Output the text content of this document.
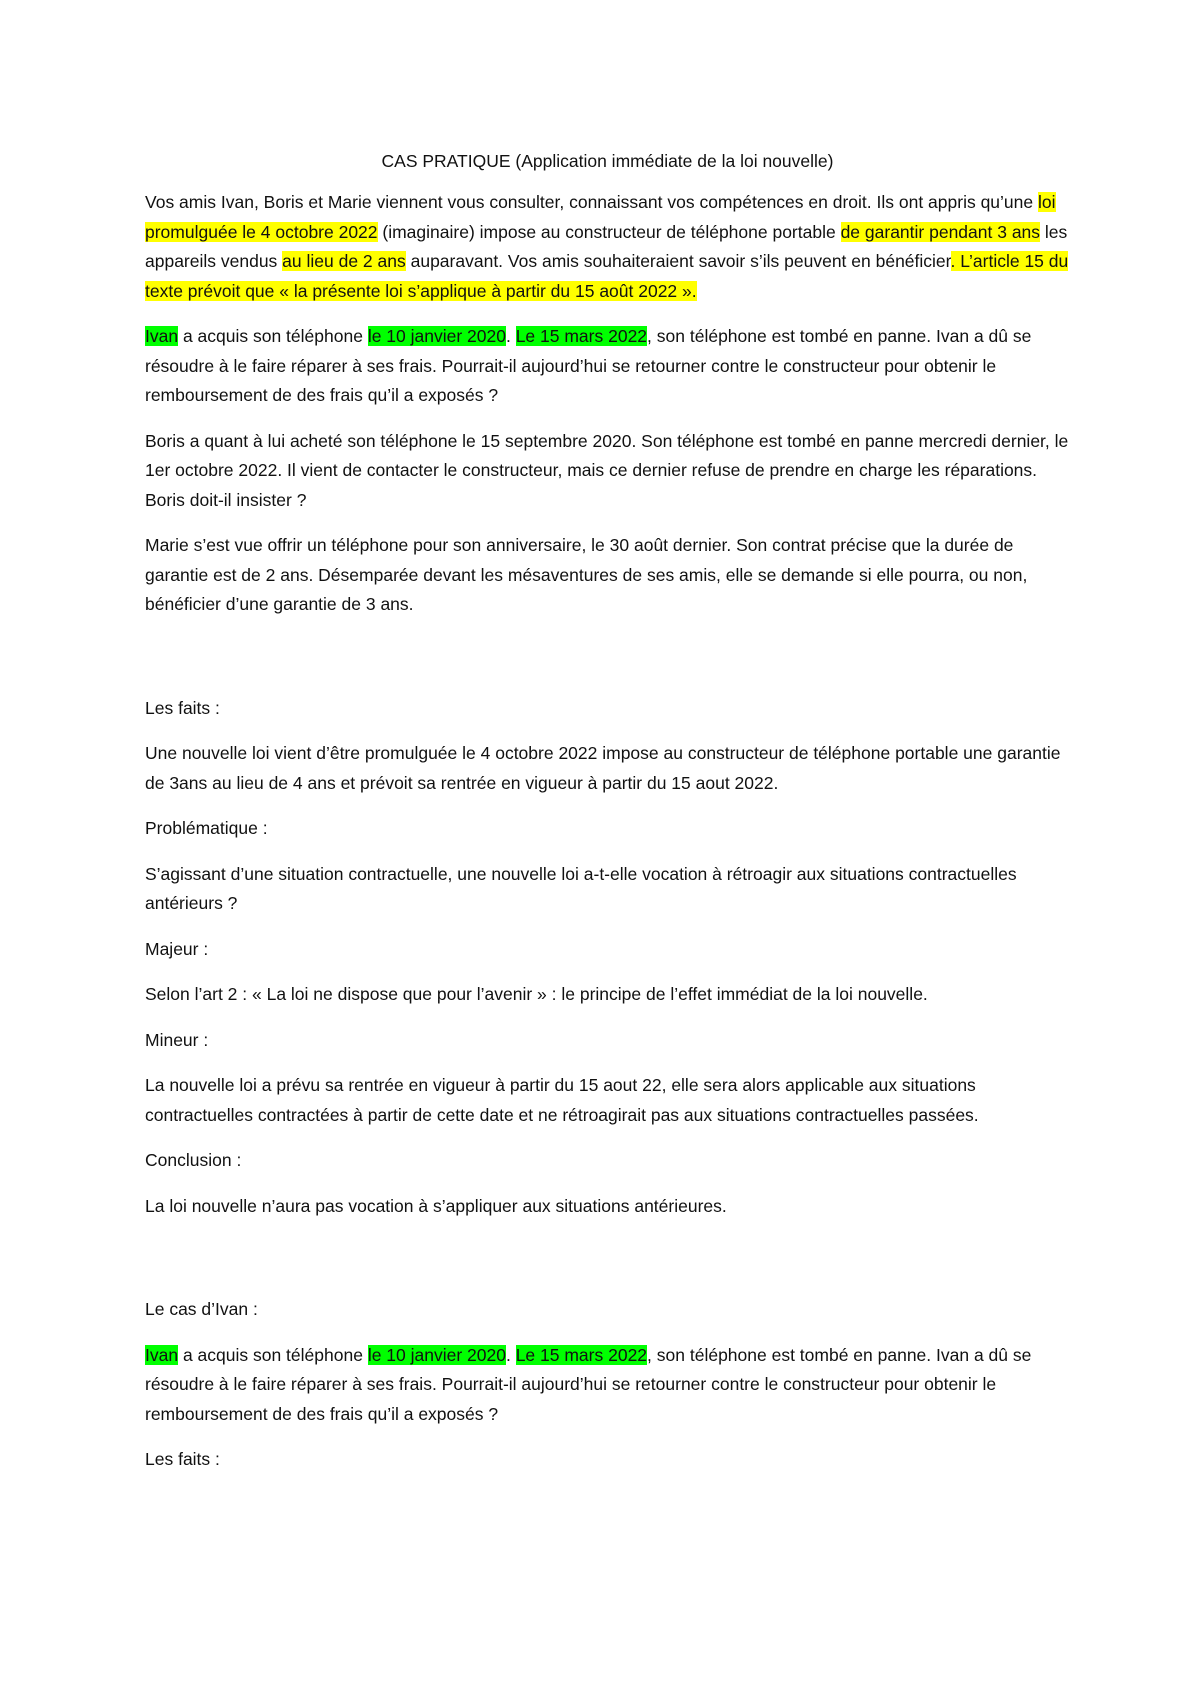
CAS PRATIQUE (Application immédiate de la loi nouvelle)

Vos amis Ivan, Boris et Marie viennent vous consulter, connaissant vos compétences en droit. Ils ont appris qu’une loi promulguée le 4 octobre 2022 (imaginaire) impose au constructeur de téléphone portable de garantir pendant 3 ans les appareils vendus au lieu de 2 ans auparavant. Vos amis souhaiteraient savoir s’ils peuvent en bénéficier. L’article 15 du texte prévoit que « la présente loi s’applique à partir du 15 août 2022 ».

Ivan a acquis son téléphone le 10 janvier 2020. Le 15 mars 2022, son téléphone est tombé en panne. Ivan a dû se résoudre à le faire réparer à ses frais. Pourrait-il aujourd’hui se retourner contre le constructeur pour obtenir le remboursement de des frais qu’il a exposés ?

Boris a quant à lui acheté son téléphone le 15 septembre 2020. Son téléphone est tombé en panne mercredi dernier, le 1er octobre 2022. Il vient de contacter le constructeur, mais ce dernier refuse de prendre en charge les réparations. Boris doit-il insister ?

Marie s’est vue offrir un téléphone pour son anniversaire, le 30 août dernier. Son contrat précise que la durée de garantie est de 2 ans. Désemparée devant les mésaventures de ses amis, elle se demande si elle pourra, ou non, bénéficier d’une garantie de 3 ans.

Les faits :

Une nouvelle loi vient d’être promulguée le 4 octobre 2022 impose au constructeur de téléphone portable une garantie de 3ans au lieu de 4 ans et prévoit sa rentrée en vigueur à partir du 15 aout 2022.

Problématique :

S’agissant d’une situation contractuelle, une nouvelle loi a-t-elle vocation à rétroagir aux situations contractuelles antérieurs ?

Majeur :

Selon l’art 2 : « La loi ne dispose que pour l’avenir » : le principe de l’effet immédiat de la loi nouvelle.

Mineur :

La nouvelle loi a prévu sa rentrée en vigueur à partir du 15 aout 22, elle sera alors applicable aux situations contractuelles contractées à partir de cette date et ne rétroagirait pas aux situations contractuelles passées.

Conclusion :

La loi nouvelle n’aura pas vocation à s’appliquer aux situations antérieures.

Le cas d’Ivan :

Ivan a acquis son téléphone le 10 janvier 2020. Le 15 mars 2022, son téléphone est tombé en panne. Ivan a dû se résoudre à le faire réparer à ses frais. Pourrait-il aujourd’hui se retourner contre le constructeur pour obtenir le remboursement de des frais qu’il a exposés ?

Les faits :
